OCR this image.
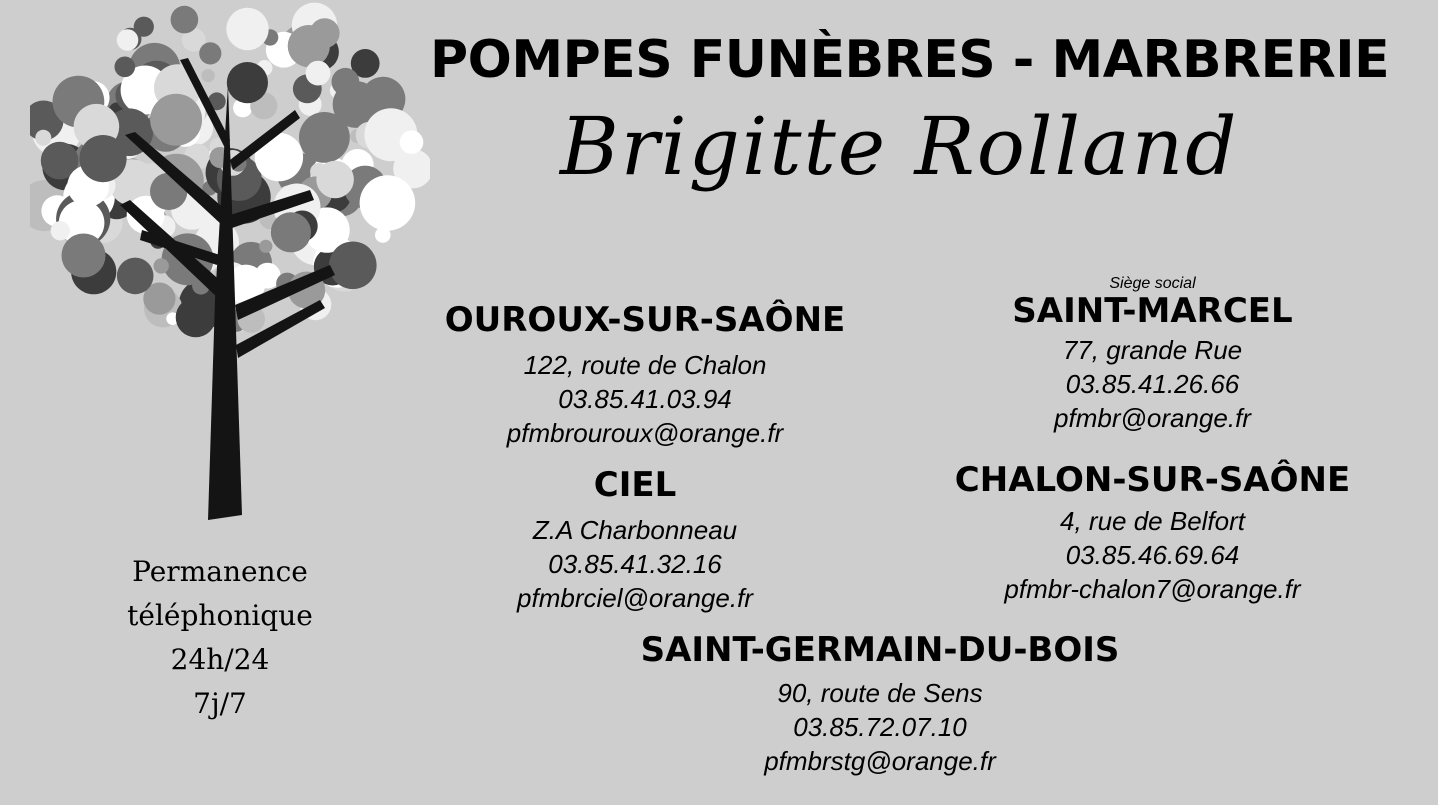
POMPES FUNÈBRES - MARBRERIE
Brigitte Rolland
OUROUX-SUR-SAÔNE
122, route de Chalon
03.85.41.03.94
pfmbrouroux@orange.fr
CIEL
Z.A Charbonneau
03.85.41.32.16
pfmbrciel@orange.fr
Siège social
SAINT-MARCEL
77, grande Rue
03.85.41.26.66
pfmbr@orange.fr
CHALON-SUR-SAÔNE
4, rue de Belfort
03.85.46.69.64
pfmbr-chalon7@orange.fr
SAINT-GERMAIN-DU-BOIS
90, route de Sens
03.85.72.07.10
pfmbrstg@orange.fr
Permanence
téléphonique
24h/24
7j/7
